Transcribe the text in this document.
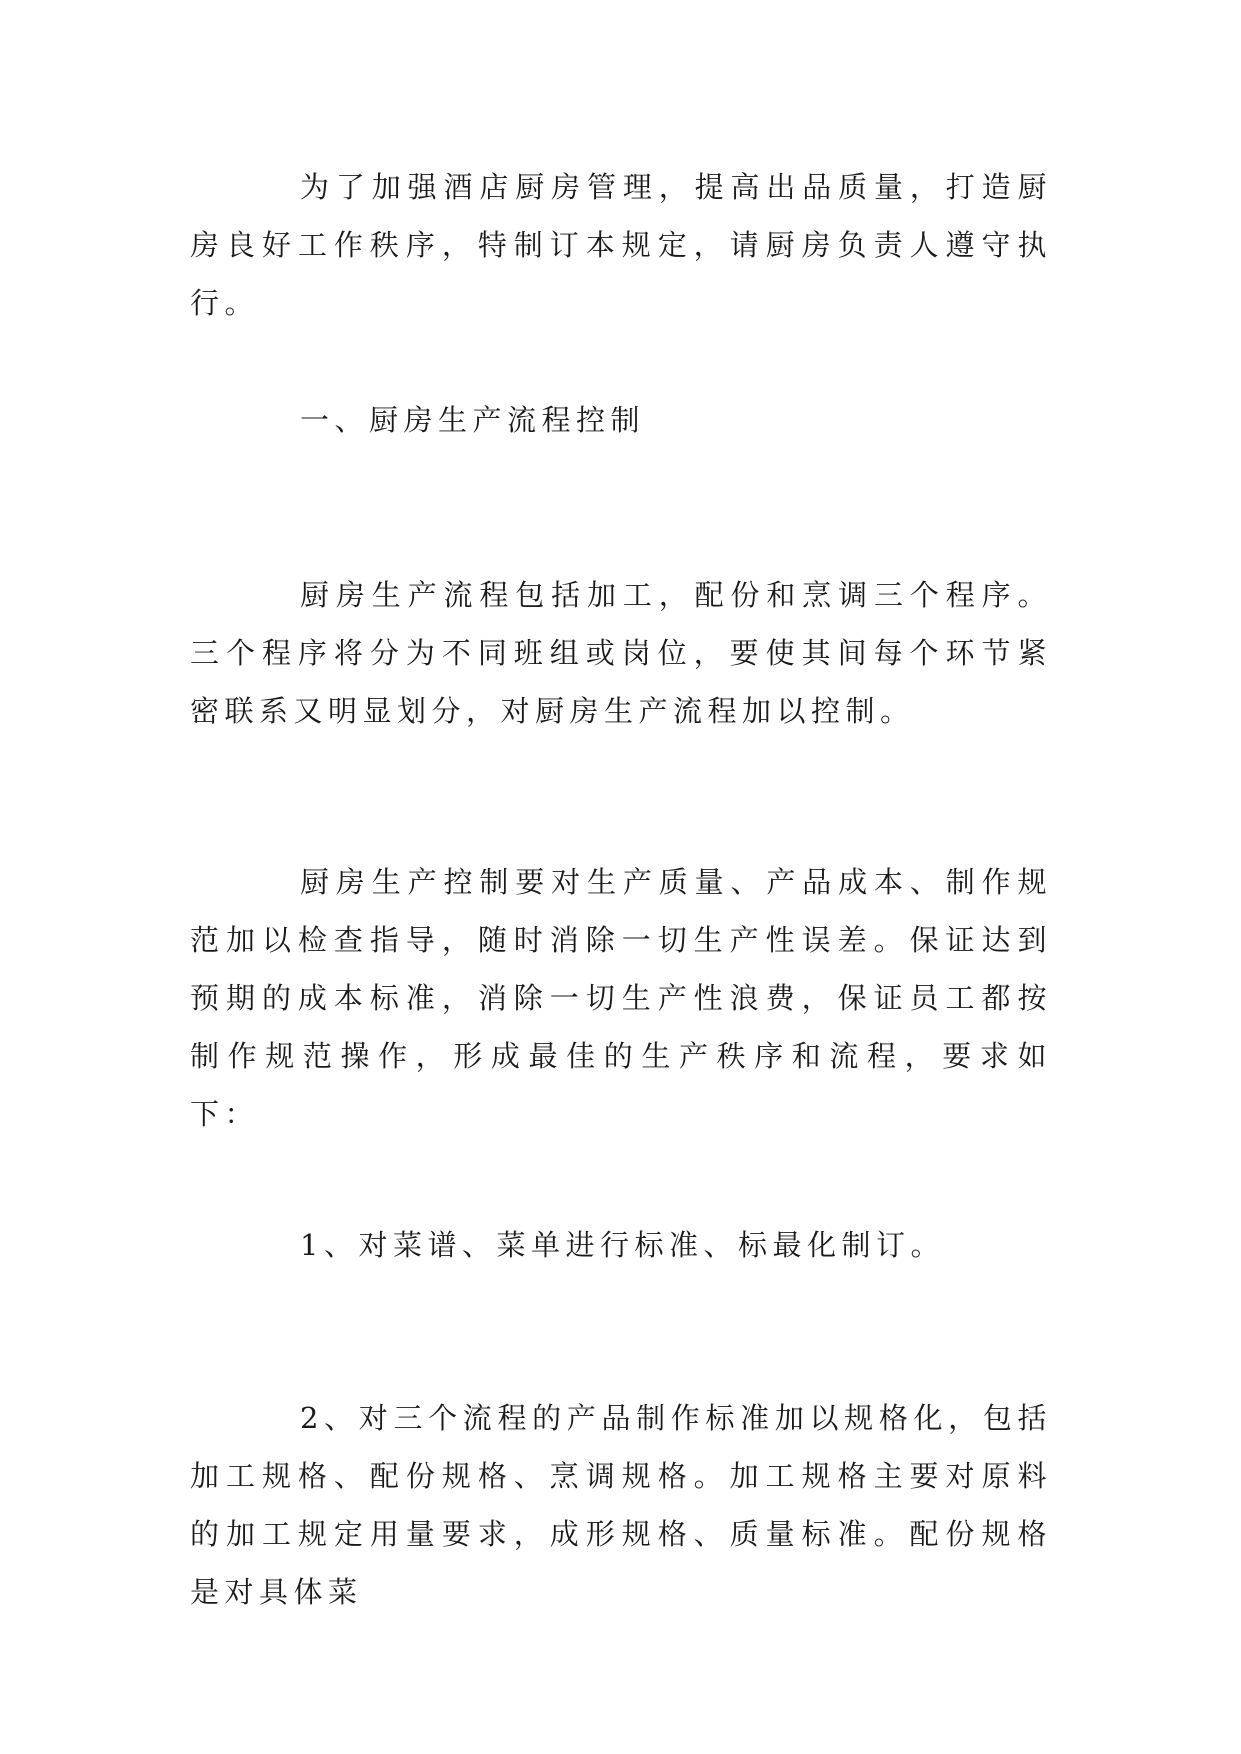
为了加强酒店厨房管理，提高出品质量，打造厨房良好工作秩序，特制订本规定，请厨房负责人遵守执行。

一、厨房生产流程控制

厨房生产流程包括加工，配份和烹调三个程序。三个程序将分为不同班组或岗位，要使其间每个环节紧密联系又明显划分，对厨房生产流程加以控制。

厨房生产控制要对生产质量、产品成本、制作规范加以检查指导，随时消除一切生产性误差。保证达到预期的成本标准，消除一切生产性浪费，保证员工都按制作规范操作，形成最佳的生产秩序和流程，要求如下：

1、对菜谱、菜单进行标准、标最化制订。

2、对三个流程的产品制作标准加以规格化，包括加工规格、配份规格、烹调规格。加工规格主要对原料的加工规定用量要求，成形规格、质量标准。配份规格是对具体菜
